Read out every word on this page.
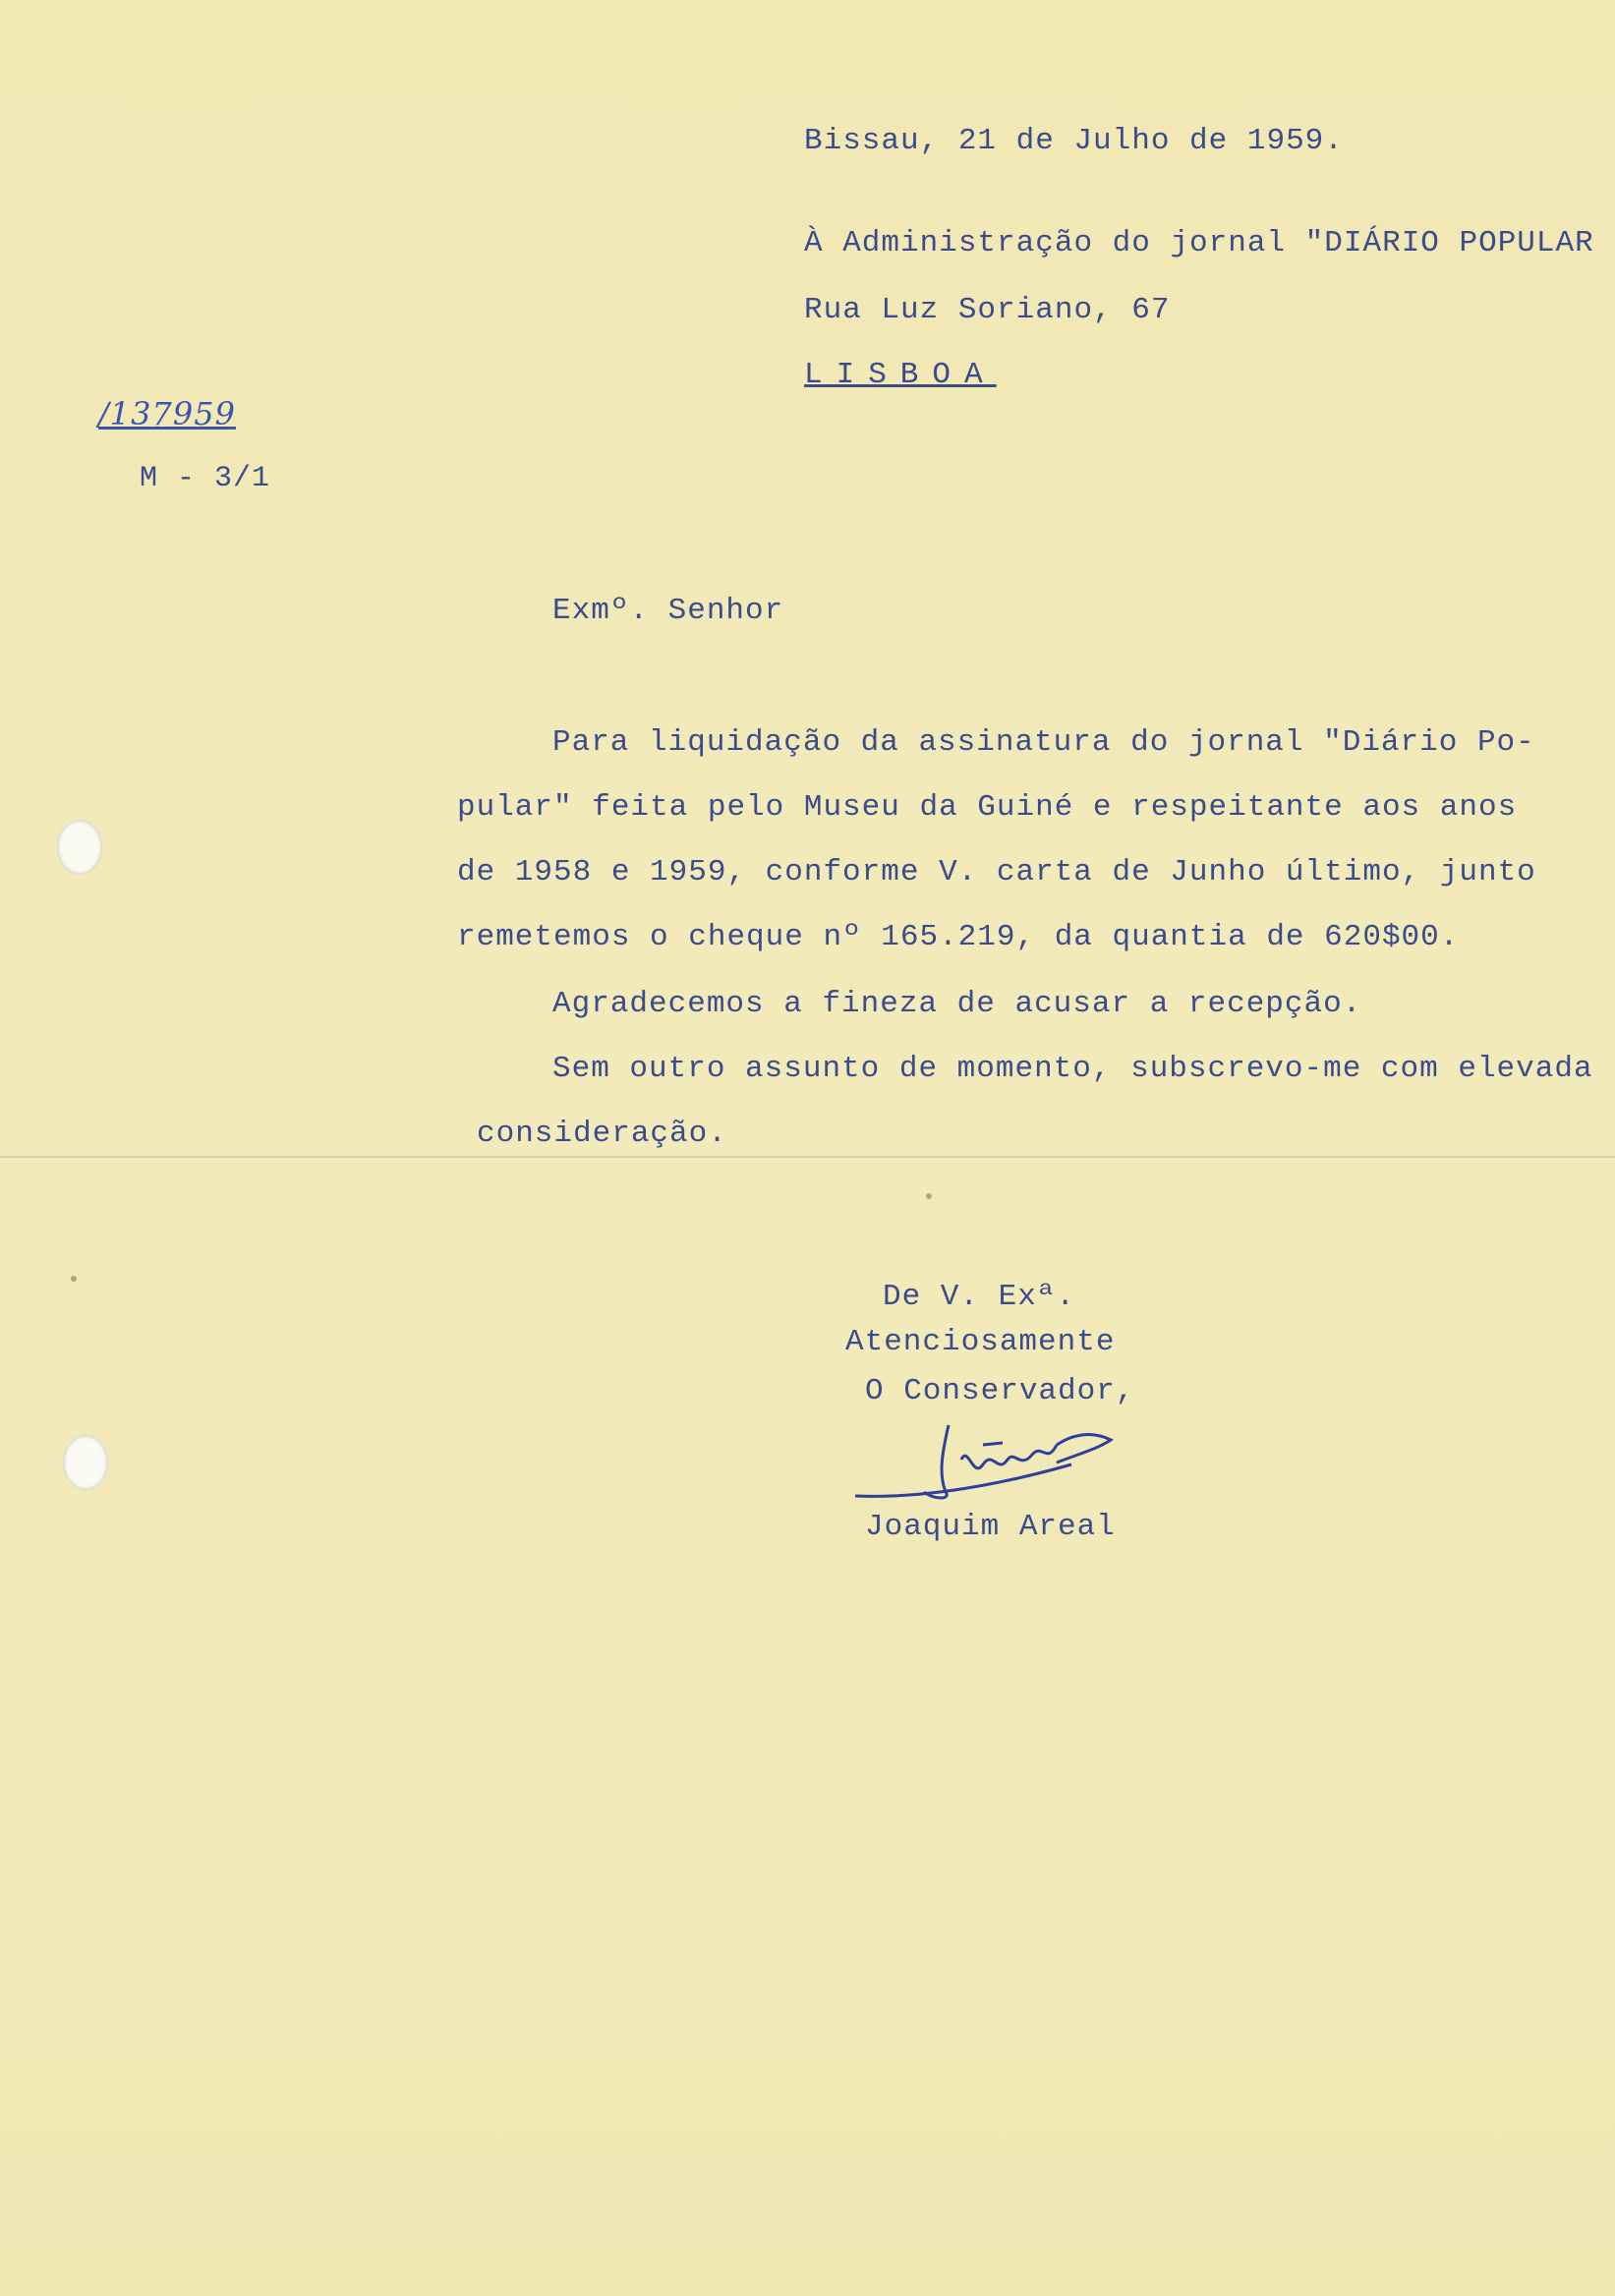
Bissau, 21 de Julho de 1959.
À Administração do jornal "DIÁRIO POPULAR
Rua Luz Soriano, 67
LISBOA
/137959
M - 3/1
Exmº. Senhor
Para liquidação da assinatura do jornal "Diário Po-
pular" feita pelo Museu da Guiné e respeitante aos anos
de 1958 e 1959, conforme V. carta de Junho último, junto
remetemos o cheque nº 165.219, da quantia de 620$00.
Agradecemos a fineza de acusar a recepção.
Sem outro assunto de momento, subscrevo-me com elevada
consideração.
De V. Exª.
Atenciosamente
O Conservador,
Joaquim Areal
